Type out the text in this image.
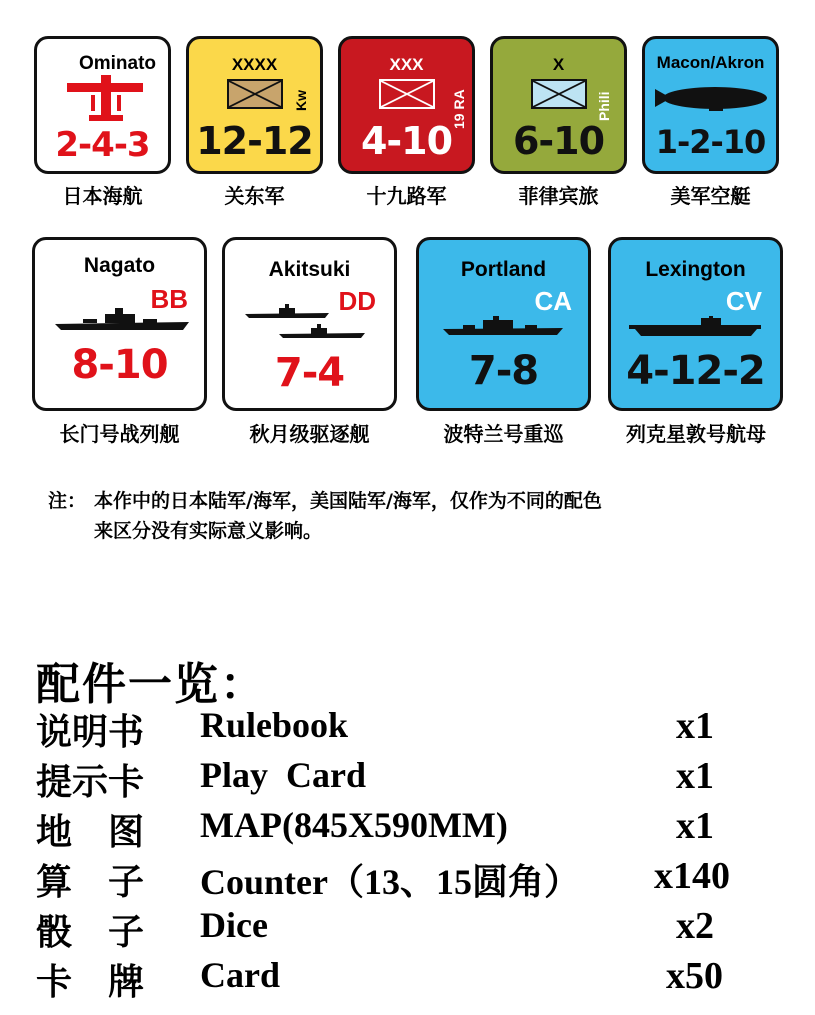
Ominato
2-4-3
XXXX
Kw
12-12
XXX
19 RA
4-10
X
Phili
6-10
Macon/Akron
1-2-10
日本海航	关东军	十九路军	菲律宾旅	美军空艇
Nagato
BB
8-10
Akitsuki
DD
7-4
Portland
CA
7-8
Lexington
CV
4-12-2
长门号战列舰	秋月级驱逐舰	波特兰号重巡	列克星敦号航母
注： 本作中的日本陆军/海军，美国陆军/海军，仅作为不同的配色
来区分没有实际意义影响。
配件一览：
说明书 Rulebook	x1
提示卡 Play  Card	x1
地　图 MAP(845X590MM)	x1
算　子 Counter（13、15圆角） x140
骰　子 Dice	x2
卡　牌 Card	x50
